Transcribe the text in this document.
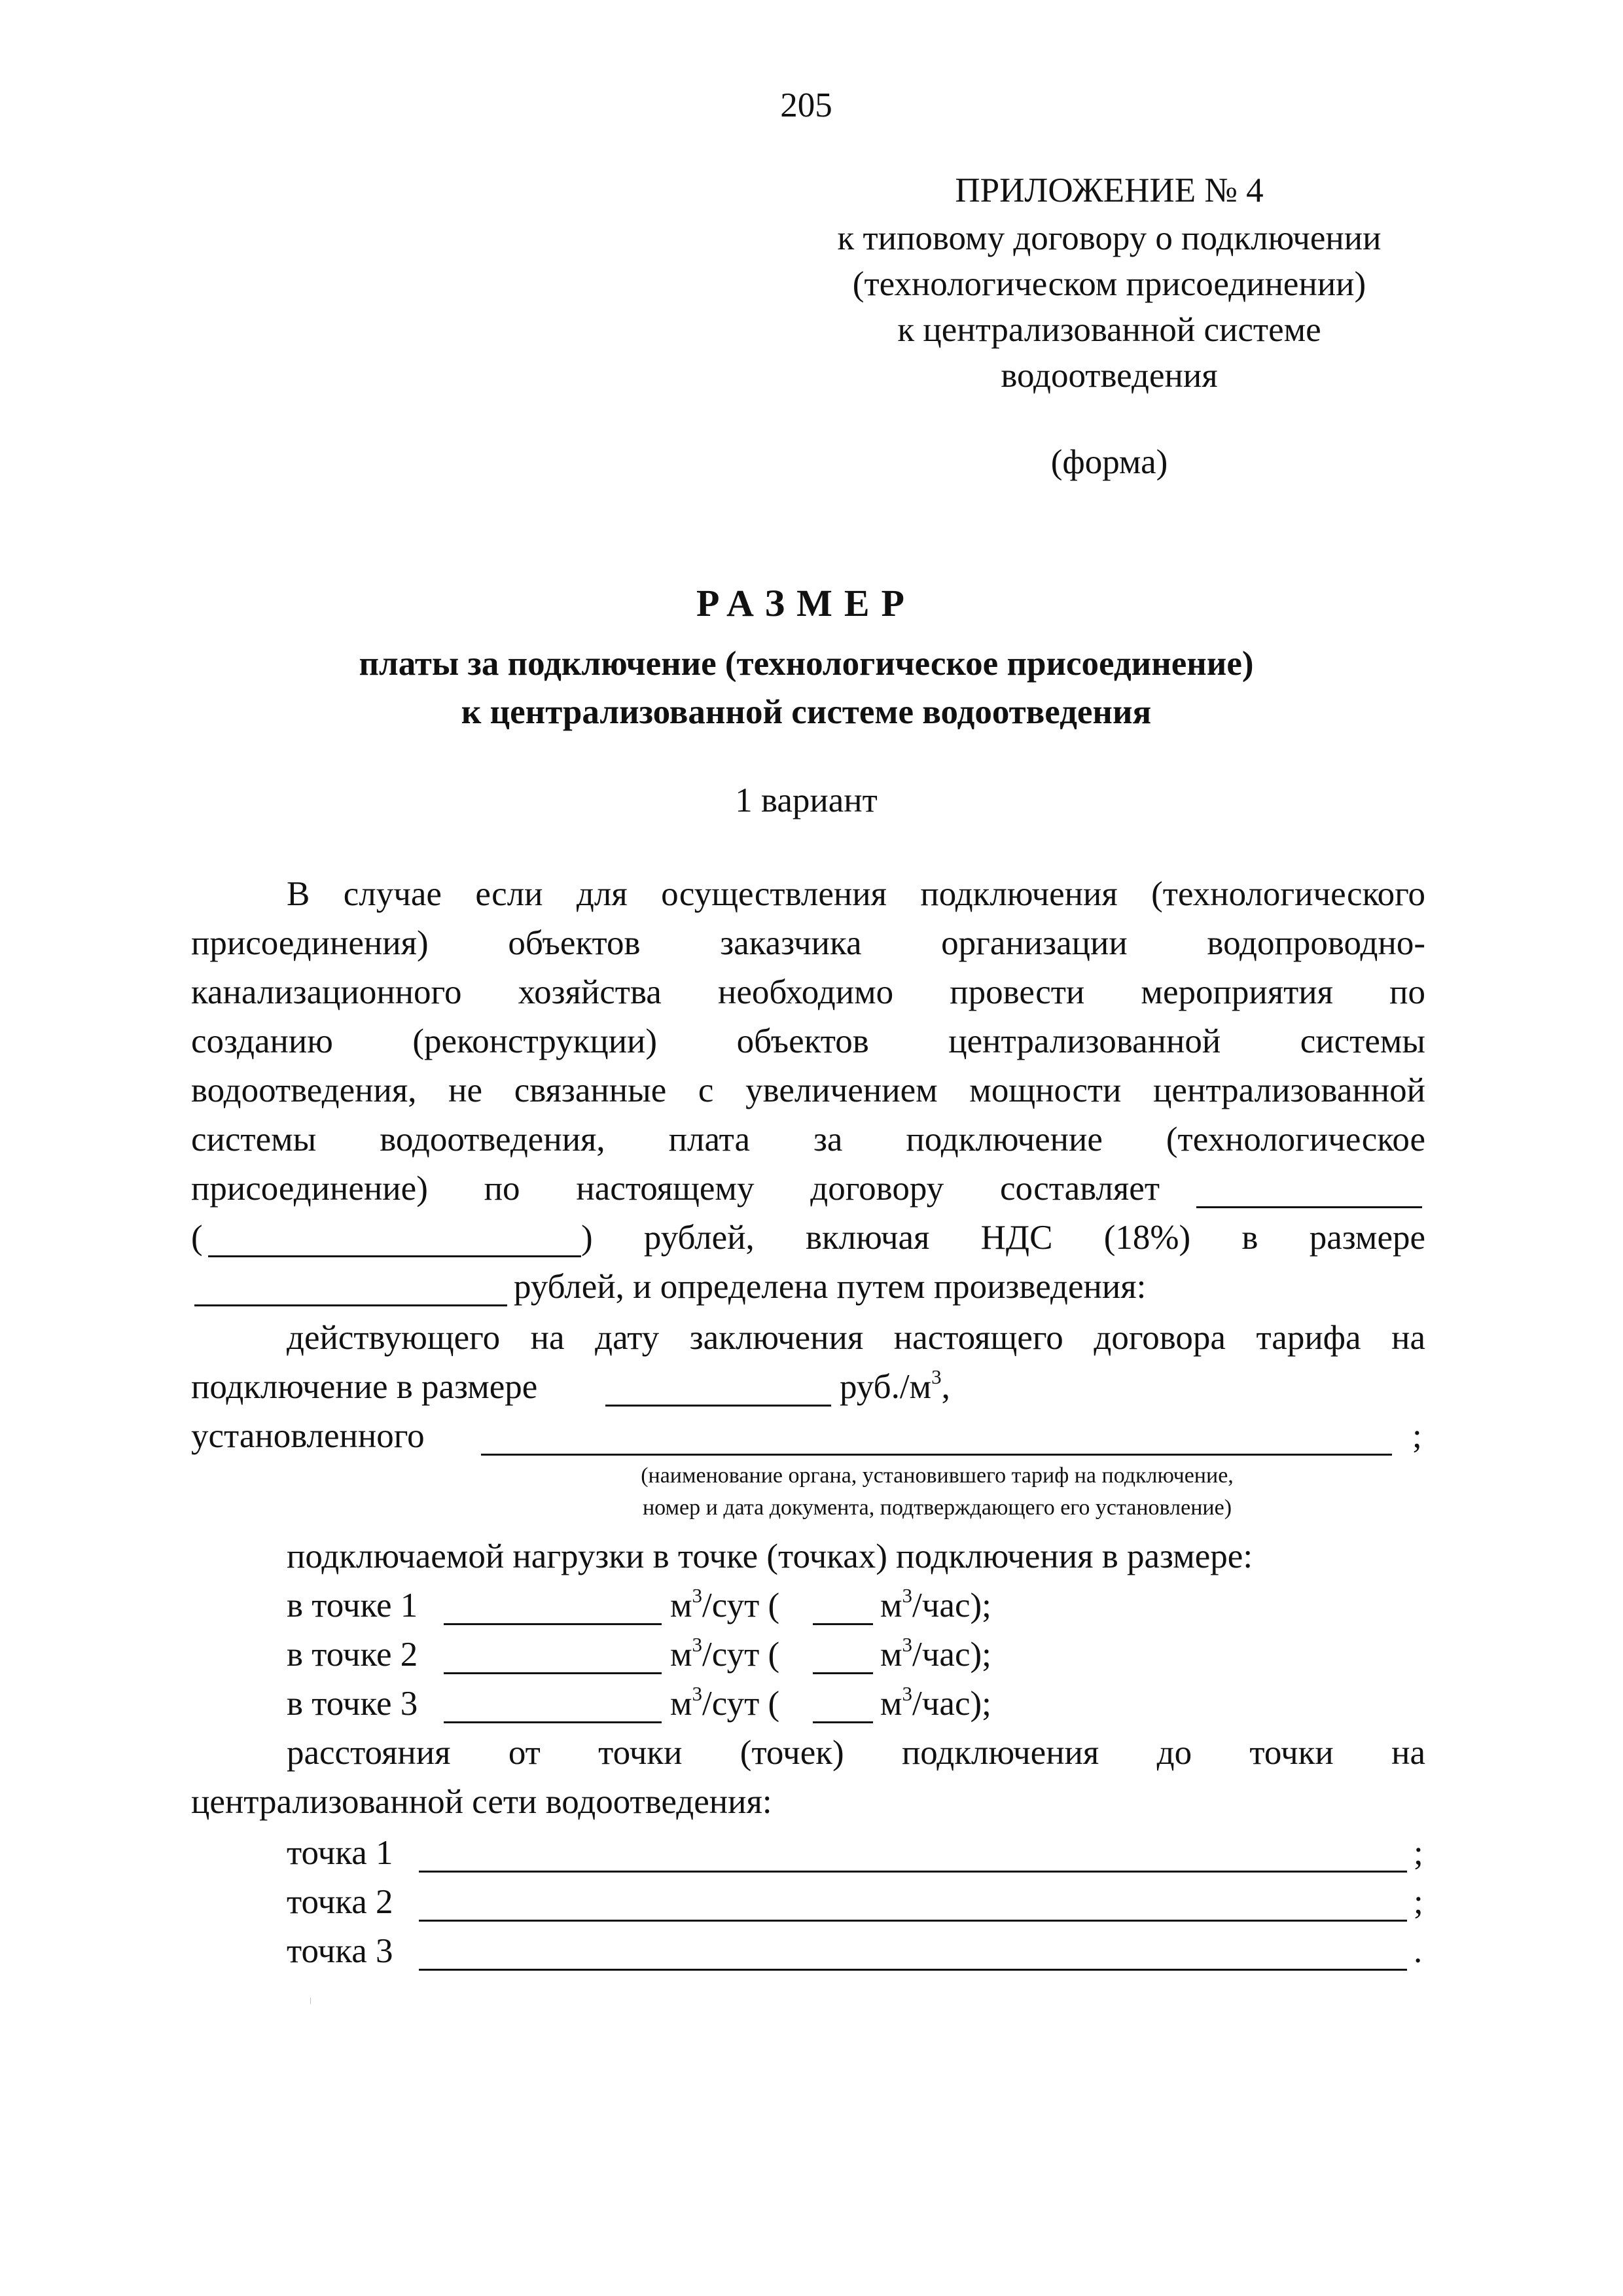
205
ПРИЛОЖЕНИЕ № 4
к типовому договору о подключении
(технологическом присоединении)
к централизованной системе
водоотведения
(форма)
РАЗМЕР
платы за подключение (технологическое присоединение)
к централизованной системе водоотведения
1 вариант
В случае если для осуществления подключения (технологического
присоединения) объектов заказчика организации водопроводно-
канализационного хозяйства необходимо провести мероприятия по
созданию (реконструкции) объектов централизованной системы
водоотведения, не связанные с увеличением мощности централизованной
системы водоотведения, плата за подключение (технологическое
присоединение) по настоящему договору составляет
(	) рублей, включая НДС (18%) в размере
рублей, и определена путем произведения:
действующего на дату заключения настоящего договора тарифа на
подключение в размере	$руб./м^3$,
установленного	;
(наименование органа, установившего тариф на подключение,
номер и дата документа, подтверждающего его установление)
подключаемой нагрузки в точке (точках) подключения в размере:
в точке 1	$м^3$/сут (	$м^3/час$);
в точке 2	$м^3$/сут (	$м^3/час$);
в точке 3	$м^3$/сут (	$м^3/час$);
расстояния от точки (точек) подключения до точки на
централизованной сети водоотведения:
точка 1	;
точка 2	;
точка 3	.
